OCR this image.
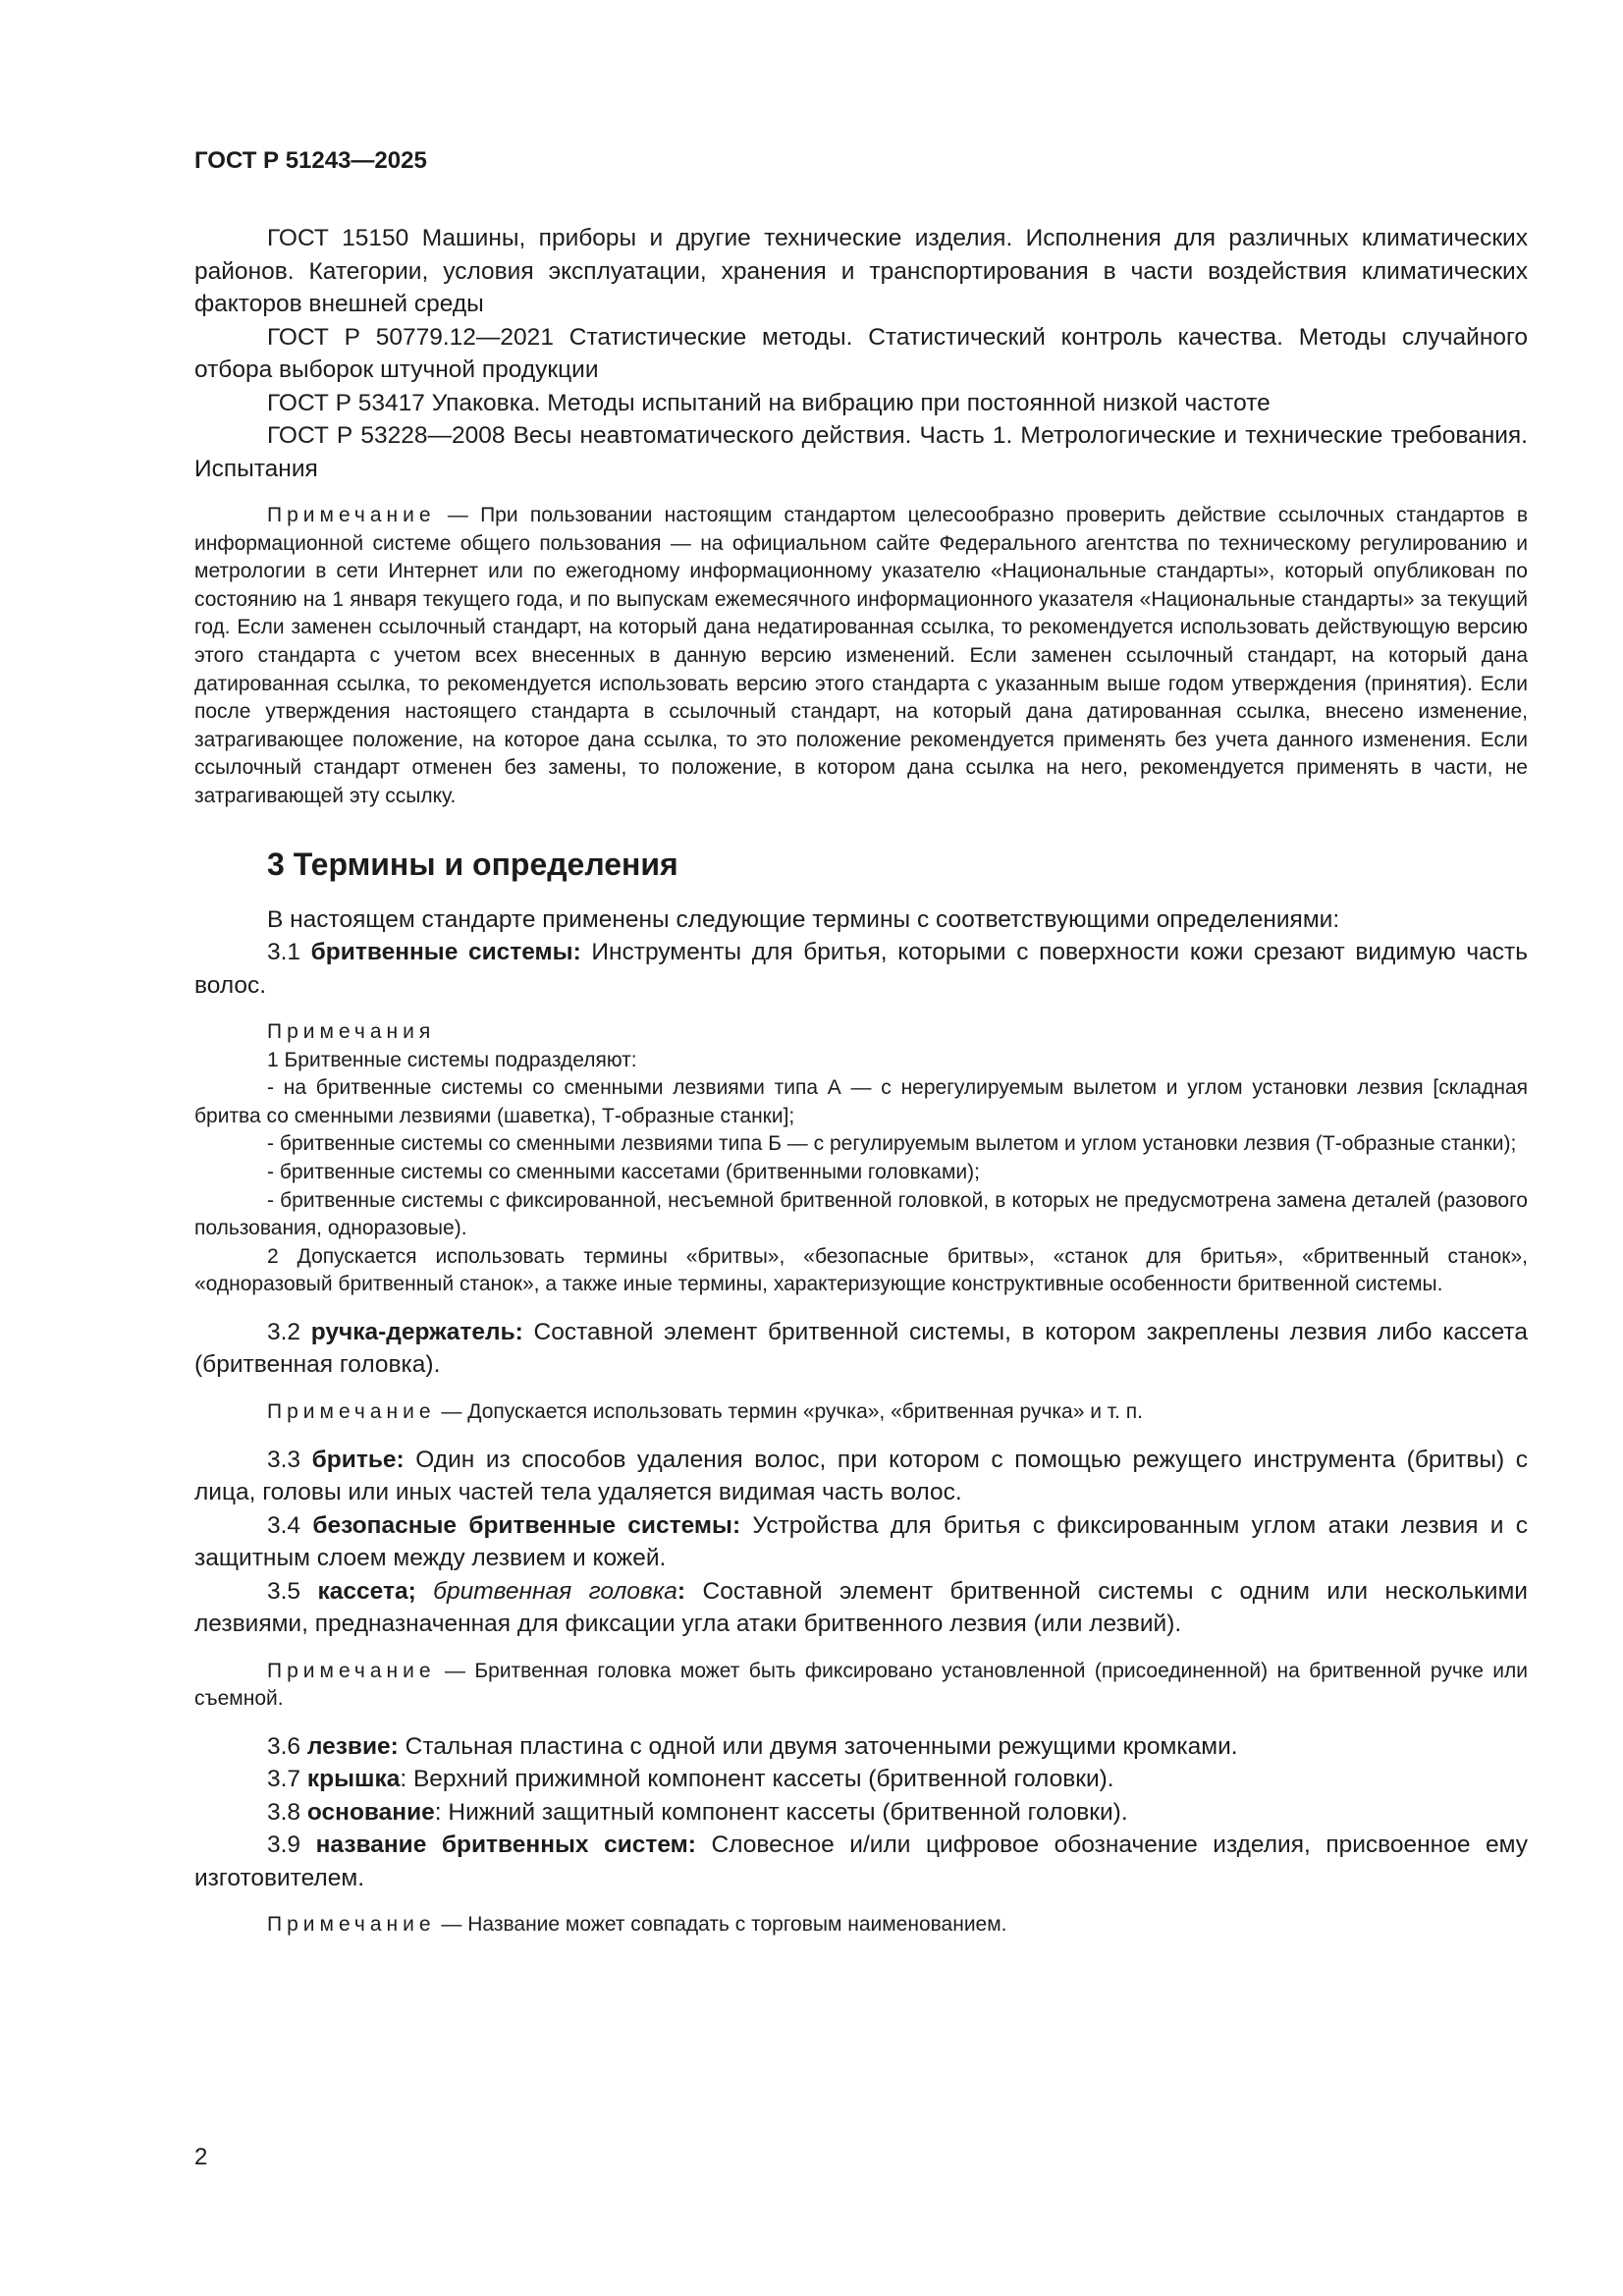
ГОСТ Р 51243—2025

ГОСТ 15150 Машины, приборы и другие технические изделия. Исполнения для различных климатических районов. Категории, условия эксплуатации, хранения и транспортирования в части воздействия климатических факторов внешней среды

ГОСТ Р 50779.12—2021 Статистические методы. Статистический контроль качества. Методы случайного отбора выборок штучной продукции

ГОСТ Р 53417 Упаковка. Методы испытаний на вибрацию при постоянной низкой частоте

ГОСТ Р 53228—2008 Весы неавтоматического действия. Часть 1. Метрологические и технические требования. Испытания

Примечание — При пользовании настоящим стандартом целесообразно проверить действие ссылочных стандартов в информационной системе общего пользования — на официальном сайте Федерального агентства по техническому регулированию и метрологии в сети Интернет или по ежегодному информационному указателю «Национальные стандарты», который опубликован по состоянию на 1 января текущего года, и по выпускам ежемесячного информационного указателя «Национальные стандарты» за текущий год. Если заменен ссылочный стандарт, на который дана недатированная ссылка, то рекомендуется использовать действующую версию этого стандарта с учетом всех внесенных в данную версию изменений. Если заменен ссылочный стандарт, на который дана датированная ссылка, то рекомендуется использовать версию этого стандарта с указанным выше годом утверждения (принятия). Если после утверждения настоящего стандарта в ссылочный стандарт, на который дана датированная ссылка, внесено изменение, затрагивающее положение, на которое дана ссылка, то это положение рекомендуется применять без учета данного изменения. Если ссылочный стандарт отменен без замены, то положение, в котором дана ссылка на него, рекомендуется применять в части, не затрагивающей эту ссылку.

3 Термины и определения

В настоящем стандарте применены следующие термины с соответствующими определениями:

3.1 бритвенные системы: Инструменты для бритья, которыми с поверхности кожи срезают видимую часть волос.

Примечания

1 Бритвенные системы подразделяют:

- на бритвенные системы со сменными лезвиями типа А — с нерегулируемым вылетом и углом установки лезвия [складная бритва со сменными лезвиями (шаветка), Т-образные станки];

- бритвенные системы со сменными лезвиями типа Б — с регулируемым вылетом и углом установки лезвия (Т-образные станки);

- бритвенные системы со сменными кассетами (бритвенными головками);

- бритвенные системы с фиксированной, несъемной бритвенной головкой, в которых не предусмотрена замена деталей (разового пользования, одноразовые).

2 Допускается использовать термины «бритвы», «безопасные бритвы», «станок для бритья», «бритвенный станок», «одноразовый бритвенный станок», а также иные термины, характеризующие конструктивные особенности бритвенной системы.

3.2 ручка-держатель: Составной элемент бритвенной системы, в котором закреплены лезвия либо кассета (бритвенная головка).

Примечание — Допускается использовать термин «ручка», «бритвенная ручка» и т. п.

3.3 бритье: Один из способов удаления волос, при котором с помощью режущего инструмента (бритвы) с лица, головы или иных частей тела удаляется видимая часть волос.

3.4 безопасные бритвенные системы: Устройства для бритья с фиксированным углом атаки лезвия и с защитным слоем между лезвием и кожей.

3.5 кассета; бритвенная головка: Составной элемент бритвенной системы с одним или несколькими лезвиями, предназначенная для фиксации угла атаки бритвенного лезвия (или лезвий).

Примечание — Бритвенная головка может быть фиксировано установленной (присоединенной) на бритвенной ручке или съемной.

3.6 лезвие: Стальная пластина с одной или двумя заточенными режущими кромками.

3.7 крышка: Верхний прижимной компонент кассеты (бритвенной головки).

3.8 основание: Нижний защитный компонент кассеты (бритвенной головки).

3.9 название бритвенных систем: Словесное и/или цифровое обозначение изделия, присвоенное ему изготовителем.

Примечание — Название может совпадать с торговым наименованием.

2
